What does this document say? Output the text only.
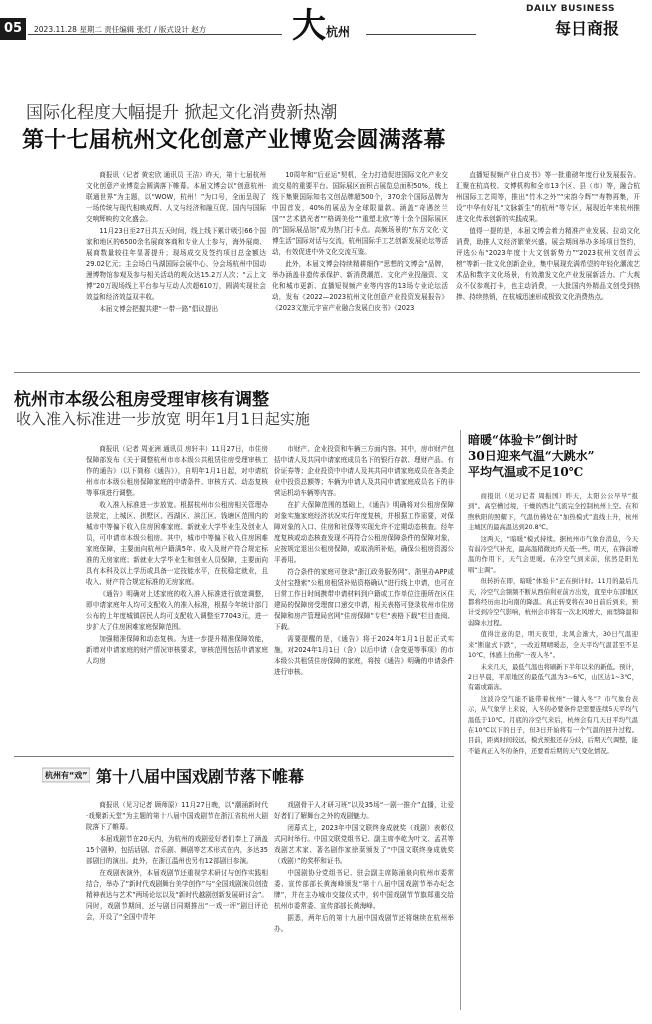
05	2023.11.28 星期二 责任编辑 张灯 / 版式设计 赵方	大 杭州
DAILY BUSINESS
每日商报
国际化程度大幅提升 掀起文化消费新热潮
第十七届杭州文化创意产业博览会圆满落幕

商报讯（记者 黄宏欣 通讯员 王洁）昨天，第十七届杭州文化创意产业博览会圆满落下帷幕。本届文博会以“创意杭州·联通世界”为主题，以“WOW，杭州！”为口号，全面呈现了一场传统与现代相映成辉、人文与经济和融互促、国内与国际交响辉映的文化盛会。

11月23日至27日共五天时间，线上线下累计吸引66个国家和地区的6500余名展商客商和专业人士参与，海外展商、展商数量较往年显著提升；现场成交及签约项目总金额达29.02亿元；主会场白马湖国际会展中心、分会场杭州中国动漫博物馆参观及参与相关活动的观众达15.2万人次；“云上文博”20万现场线上平台参与互动人次超610万，圆满实现社会效益和经济效益双丰收。

本届文博会把握共建“一带一路”倡议提出

10周年和“后亚运”契机，全力打造促进国际文化产业交流交易的重要平台。国际展区面积占展览总面积50%，线上线下集聚国际知名文创品牌超500个，370余个国际品牌为中国首发，40%的展品为全球限量款。涵盖“奇遇丝兰国”“艺术猎光者”“格调美伦”“重塑北欧”等十余个国际展区的“国际展品馆”成为热门打卡点。高频场景的“东方文化·文博生活”国际对话与交流，杭州国际手工艺创新发展论坛等活动，有效促进中外文化交流互鉴。

此外，本届文博会持续精耕细作“思想的文博会”品牌，举办涵盖非遗传承保护、新消费潮范、文化产业投融资、文化和城市更新、直播短视频产业等内容的13场专业论坛活动，发布《2022—2023杭州文化创意产业投资发展报告》《2023文旅元宇宙产业融合发展白皮书》《2023

直播短视频产业白皮书》等一批重磅年度行业发展报告。汇聚在杭高校、文博机构和全市13个区、县（市）等，融合杭州国际工艺周等，推出“竹木之外”“宋韵今辉”“寿物再集，开设”中华有好礼“文脉新生”的杭州“等专区，展现近年来杭州推进文化传承创新的实践成果。

值得一提的是，本届文博会着力精准产业发展、拉动文化消费，助推人文经济繁荣兴盛。展会期间举办多场项目签约，评选公布“2023年度十大文创新势力”“2023杭州文创青云榜”等新一批文化创新企业，集中展现充满希望的年轻化潮流艺术品和数字文化场景，有效激发文化产业发展新活力。广大观众不仅参观打卡，也主动消费，一大批国内外精品文创受到热捧、持续热销，在杭城迅速形成极致文化消费热点。

杭州市本级公租房受理审核有调整
收入准入标准进一步放宽 明年1月1日起实施

商报讯（记者 周亚洲 通讯员 房轩丰）11月27日，市住房保障部发布《关于调整杭州市市本级公共租赁住房受理审核工作的通告》（以下简称《通告》），自明年1月1日起，对申请杭州市市本级公租房保障家庭的申请条件、审核方式、动态复核等事项进行调整。

收入准入标准进一步放宽。根据杭州市公租房相关管理办法规定，上城区、拱墅区、西湖区、滨江区、钱塘区范围内的城市中等偏下收入住房困难家庭、新就业大学毕业生及创业人员，可申请市本级公租房。其中，城市中等偏下收入住房困难家庭保障，主要面向杭州户籍满5年、收入及财产符合规定标准的无房家庭；新就业大学毕业生和创业人员保障，主要面向具有本科及以上学历或具备一定技能水平，在杭稳定就业，且收入、财产符合规定标准的无房家庭。

《通告》明确对上述家庭的收入准入标准进行放宽调整，即申请家庭年人均可支配收入的准入标准，根据今年统计部门公布的上年度城镇居民人均可支配收入调整至77043元，进一步扩大了住房困难家庭保障范围。

加强精准保障和动态复核。为进一步提升精准保障效能，新增对申请家庭的财产情况审核要求，审核范围包括申请家庭人均房

市财产、企业投资和车辆三方面内容。其中，房市财产包括申请人及共同申请家庭成员名下的银行存款、理财产品、有价证券等；企业投资中申请人及其共同申请家庭成员在各类企业中投资总额等；车辆为申请人及共同申请家庭成员名下的非营运机动车辆等内容。

在扩大保障范围的基础上，《通告》明确将对公租房保障对象实施家庭经济状况实行年度复核，并根据工作需要，对保障对象的入口、住房和社保等实现允许不定期动态核查。经年度复核或动态核查发现不再符合公租房保障条件的保障对象，应按规定退出公租房保障，或取消所补贴，确保公租房资源公平善用。

符合条件的家庭可登录“浙江政务服务网”、浙里办APP或支付宝搜索“公租房租赁补贴资格确认”进行线上申请，也可在日常工作日时间携带申请材料到户籍或工作单位注册所在区住建局的保障房受理窗口递交申请，相关表格可登录杭州市住房保障和房产管理局官网“住房保障”专栏“表格下载”栏目查阅、下载。

需要提醒的是，《通告》将于2024年1月1日起正式实施，对2024年1月1日（含）以后申请（含变更等事项）的市本级公共租赁住房保障的家庭，将按《通告》明确的申请条件进行审核。

暗暖“体验卡”倒计时
30日迎来气温“大跳水”
平均气温或不足10℃

商报讯（见习记者 周振国）昨天，太阳公公早早“报到”。高空槽过境，干燥的西北气流完全控制杭州上空。在和煦秋阳的照耀下，气温仿佛处在“加热模式”直线上升，杭州主城区的最高温达到20.8℃。

这两天，“暗暖”模式持续。据杭州市气象台消息，今天有弱冷空气补充，最高温稍微比昨天低一些。明天，在锋前增温的作用下，天气会更暖。在冷空气到来前，依然是阳光唱“主调”。

但转折在即，暗暖“体验卡”正在倒计时。11月的最后几天，冷空气会频频不断从西伯利亚前方出发，直至中东部地区都将经历由北向南的降温。真正转变将在30日前后到来，预计受到冷空气影响，杭州会市将有一次北风增大、雨型降温和弱降水过程。

值得注意的是，明天夜里，北风会渐大，30日气温迎来“断崖式下跌”，一改近期晴暖态，全天平均气温甚至不足10℃，体感上仿佛“一夜入冬”。

未来几天，最低气温也将刷新下半年以来的新低。预计，2日早晨，平原地区的最低气温为3~6℃，山区达1~3℃，有霜或霜冻。

这波冷空气能不能带着杭州“一键入冬”？市气象台表示，从气象学上来说，入冬的必要条件是需要连续5天平均气温低于10℃。月底的冷空气来后，杭州会有几天日平均气温在10℃以下的日子，但3日开始将有一个气温的回升过程。目前，距离时间较远，模式预报还存分歧，后期天气调整，能不能真正入冬的条件，还要看后期的天气变化情况。

杭州有“戏” 第十八届中国戏剧节落下帷幕

商报讯（见习记者 顾师原）11月27日晚，以“潮涌新时代·戏聚新天堂”为主题的第十八届中国戏剧节在浙江省杭州大剧院落下了帷幕。

本届戏剧节在20天内，为杭州的戏剧爱好者们奉上了涵盖15个剧种，包括话剧、音乐剧、舞剧等艺术形式在内，多达35部剧目的演出。此外，在浙江温州也另有12部剧目参演。

在戏剧表演外，本届戏剧节还重视学术研讨与创作实践相结合，举办了“新时代戏剧舞台美学创作”与“全国戏剧演员创造精神表达与艺术”两场论坛以及“新时代越剧创新发展研讨会”。同时，戏剧节期间，还与剧目同期推出“一戏一评”剧目评论会，开设了“全国中青年

戏剧骨干人才研习班”以及35场“一剧一推介”直播，让爱好者们了解舞台之外的戏剧魅力。

闭幕式上，2023年中国文联终身成就奖（戏剧）表彰仪式同时举行。中国文联党组书记、副主席李屹为叶文、孟君等戏剧艺术家、著名剧作家徐棻颁发了“中国文联终身成就奖（戏剧）”的奖杯和证书。

中国剧协分党组书记、驻会副主席陈涌泉向杭州市委常委、宣传部部长黄海峰颁发“第十八届中国戏剧节举办纪念牌”，并在主办城市交接仪式中，转中国戏剧节节旗郑重交给杭州市委常委、宣传部部长黄海峰。

据悉，两年后的第十九届中国戏剧节还将继续在杭州举办。
